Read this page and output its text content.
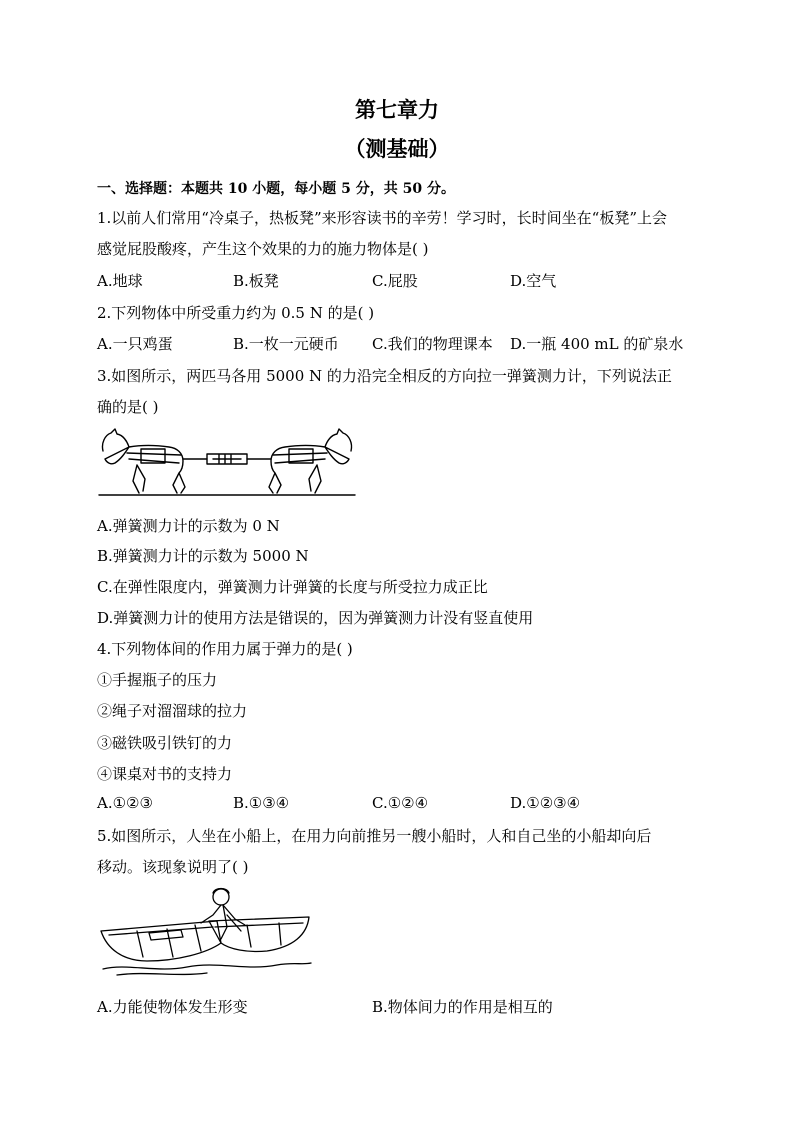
第七章力
（测基础）
一、选择题：本题共 10 小题，每小题 5 分，共 50 分。
1.以前人们常用“冷桌子，热板凳”来形容读书的辛劳！学习时，长时间坐在“板凳”上会
感觉屁股酸疼，产生这个效果的力的施力物体是( )
A.地球	B.板凳	C.屁股	D.空气
2.下列物体中所受重力约为 0.5 N 的是( )
A.一只鸡蛋	B.一枚一元硬币 C.我们的物理课本 D.一瓶 400 mL 的矿泉水
3.如图所示，两匹马各用 5000 N 的力沿完全相反的方向拉一弹簧测力计，下列说法正
确的是( )
A.弹簧测力计的示数为 0 N
B.弹簧测力计的示数为 5000 N
C.在弹性限度内，弹簧测力计弹簧的长度与所受拉力成正比
D.弹簧测力计的使用方法是错误的，因为弹簧测力计没有竖直使用
4.下列物体间的作用力属于弹力的是( )
①手握瓶子的压力
②绳子对溜溜球的拉力
③磁铁吸引铁钉的力
④课桌对书的支持力
A.①②③	B.①③④	C.①②④	D.①②③④
5.如图所示，人坐在小船上，在用力向前推另一艘小船时，人和自己坐的小船却向后
移动。该现象说明了( )
A.力能使物体发生形变	B.物体间力的作用是相互的
